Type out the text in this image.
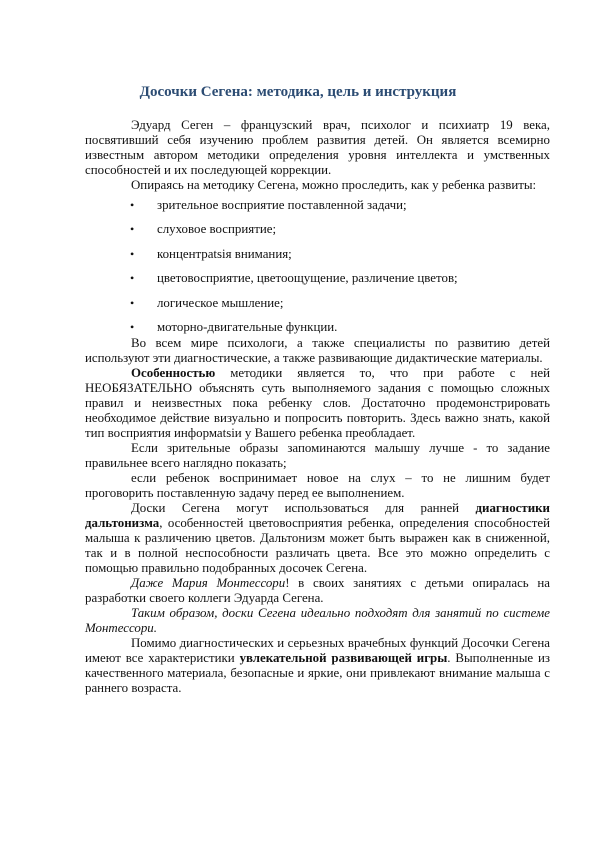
Досочки Сегена: методика, цель и инструкция

Эдуард Сеген – французский врач, психолог и психиатр 19 века, посвятивший себя изучению проблем развития детей. Он является всемирно известным автором методики определения уровня интеллекта и умственных способностей и их последующей коррекции.

Опираясь на методику Сегена, можно проследить, как у ребенка развиты:

• зрительное восприятие поставленной задачи;
• слуховое восприятие;
• концентраtsія внимания;
• цветовосприятие, цветоощущение, различение цветов;
• логическое мышление;
• моторно-двигательные функции.

Во всем мире психологи, а также специалисты по развитию детей используют эти диагностические, а также развивающие дидактические материалы.

Особенностью методики является то, что при работе с ней НЕОБЯЗАТЕЛЬНО объяснять суть выполняемого задания с помощью сложных правил и неизвестных пока ребенку слов. Достаточно продемонстрировать необходимое действие визуально и попросить повторить. Здесь важно знать, какой тип восприятия информаtsіи у Вашего ребенка преобладает.

Если зрительные образы запоминаются малышу лучше - то задание правильнее всего наглядно показать;

если ребенок воспринимает новое на слух – то не лишним будет проговорить поставленную задачу перед ее выполнением.

Доски Сегена могут использоваться для ранней диагностики дальтонизма, особенностей цветовосприятия ребенка, определения способностей малыша к различению цветов. Дальтонизм может быть выражен как в сниженной, так и в полной неспособности различать цвета. Все это можно определить с помощью правильно подобранных досочек Сегена.

Даже Мария Монтессори! в своих занятиях с детьми опиралась на разработки своего коллеги Эдуарда Сегена.

Таким образом, доски Сегена идеально подходят для занятий по системе Монтессори.

Помимо диагностических и серьезных врачебных функций Досочки Сегена имеют все характеристики увлекательной развивающей игры. Выполненные из качественного материала, безопасные и яркие, они привлекают внимание малыша с раннего возраста.
